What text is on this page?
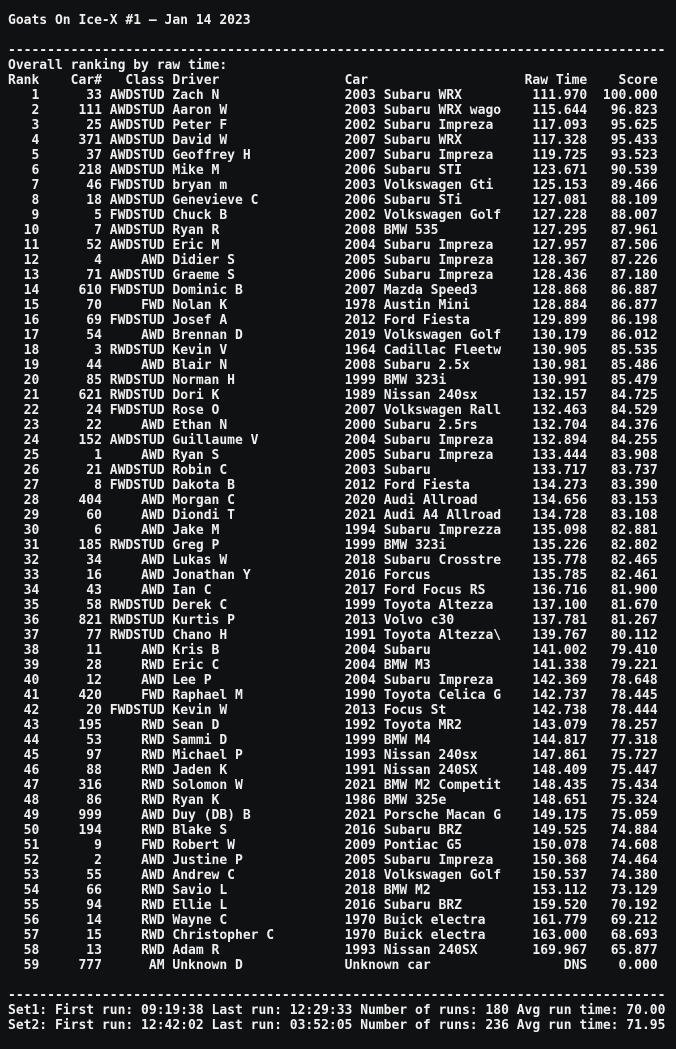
Goats On Ice-X #1 – Jan 14 2023
------------------------------------------------------------------------------------
Overall ranking by raw time:
Rank    Car#   Class Driver                Car                    Raw Time    Score
1      33 AWDSTUD Zach N                2003 Subaru WRX         111.970  100.000
2     111 AWDSTUD Aaron W               2003 Subaru WRX wago    115.644   96.823
3      25 AWDSTUD Peter F               2002 Subaru Impreza     117.093   95.625
4     371 AWDSTUD David W               2007 Subaru WRX         117.328   95.433
5      37 AWDSTUD Geoffrey H            2007 Subaru Impreza     119.725   93.523
6     218 AWDSTUD Mike M                2006 Subaru STI         123.671   90.539
7      46 FWDSTUD bryan m               2003 Volkswagen Gti     125.153   89.466
8      18 AWDSTUD Genevieve C           2006 Subaru STi         127.081   88.109
9       5 FWDSTUD Chuck B               2002 Volkswagen Golf    127.228   88.007
10       7 AWDSTUD Ryan R                2008 BMW 535            127.295   87.961
11      52 AWDSTUD Eric M                2004 Subaru Impreza     127.957   87.506
12       4     AWD Didier S              2005 Subaru Impreza     128.367   87.226
13      71 AWDSTUD Graeme S              2006 Subaru Impreza     128.436   87.180
14     610 FWDSTUD Dominic B             2007 Mazda Speed3       128.868   86.887
15      70     FWD Nolan K               1978 Austin Mini        128.884   86.877
16      69 FWDSTUD Josef A               2012 Ford Fiesta        129.899   86.198
17      54     AWD Brennan D             2019 Volkswagen Golf    130.179   86.012
18       3 RWDSTUD Kevin V               1964 Cadillac Fleetw    130.905   85.535
19      44     AWD Blair N               2008 Subaru 2.5x        130.981   85.486
20      85 RWDSTUD Norman H              1999 BMW 323i           130.991   85.479
21     621 RWDSTUD Dori K                1989 Nissan 240sx       132.157   84.725
22      24 FWDSTUD Rose O                2007 Volkswagen Rall    132.463   84.529
23      22     AWD Ethan N               2000 Subaru 2.5rs       132.704   84.376
24     152 AWDSTUD Guillaume V           2004 Subaru Impreza     132.894   84.255
25       1     AWD Ryan S                2005 Subaru Impreza     133.444   83.908
26      21 AWDSTUD Robin C               2003 Subaru             133.717   83.737
27       8 FWDSTUD Dakota B              2012 Ford Fiesta        134.273   83.390
28     404     AWD Morgan C              2020 Audi Allroad       134.656   83.153
29      60     AWD Diondi T              2021 Audi A4 Allroad    134.728   83.108
30       6     AWD Jake M                1994 Subaru Imprezza    135.098   82.881
31     185 RWDSTUD Greg P                1999 BMW 323i           135.226   82.802
32      34     AWD Lukas W               2018 Subaru Crosstre    135.778   82.465
33      16     AWD Jonathan Y            2016 Forcus             135.785   82.461
34      43     AWD Ian C                 2017 Ford Focus RS      136.716   81.900
35      58 RWDSTUD Derek C               1999 Toyota Altezza     137.100   81.670
36     821 RWDSTUD Kurtis P              2013 Volvo c30          137.781   81.267
37      77 RWDSTUD Chano H               1991 Toyota Altezza\    139.767   80.112
38      11     AWD Kris B                2004 Subaru             141.002   79.410
39      28     RWD Eric C                2004 BMW M3             141.338   79.221
40      12     AWD Lee P                 2004 Subaru Impreza     142.369   78.648
41     420     FWD Raphael M             1990 Toyota Celica G    142.737   78.445
42      20 FWDSTUD Kevin W               2013 Focus St           142.738   78.444
43     195     RWD Sean D                1992 Toyota MR2         143.079   78.257
44      53     RWD Sammi D               1999 BMW M4             144.817   77.318
45      97     RWD Michael P             1993 Nissan 240sx       147.861   75.727
46      88     RWD Jaden K               1991 Nissan 240SX       148.409   75.447
47     316     RWD Solomon W             2021 BMW M2 Competit    148.435   75.434
48      86     RWD Ryan K                1986 BMW 325e           148.651   75.324
49     999     AWD Duy (DB) B            2021 Porsche Macan G    149.175   75.059
50     194     RWD Blake S               2016 Subaru BRZ         149.525   74.884
51       9     FWD Robert W              2009 Pontiac G5         150.078   74.608
52       2     AWD Justine P             2005 Subaru Impreza     150.368   74.464
53      55     AWD Andrew C              2018 Volkswagen Golf    150.537   74.380
54      66     RWD Savio L               2018 BMW M2             153.112   73.129
55      94     RWD Ellie L               2016 Subaru BRZ         159.520   70.192
56      14     RWD Wayne C               1970 Buick electra      161.779   69.212
57      15     RWD Christopher C         1970 Buick electra      163.000   68.693
58      13     RWD Adam R                1993 Nissan 240SX       169.967   65.877
59     777      AM Unknown D             Unknown car                 DNS    0.000
------------------------------------------------------------------------------------
Set1: First run: 09:19:38 Last run: 12:29:33 Number of runs: 180 Avg run time: 70.00
Set2: First run: 12:42:02 Last run: 03:52:05 Number of runs: 236 Avg run time: 71.95
